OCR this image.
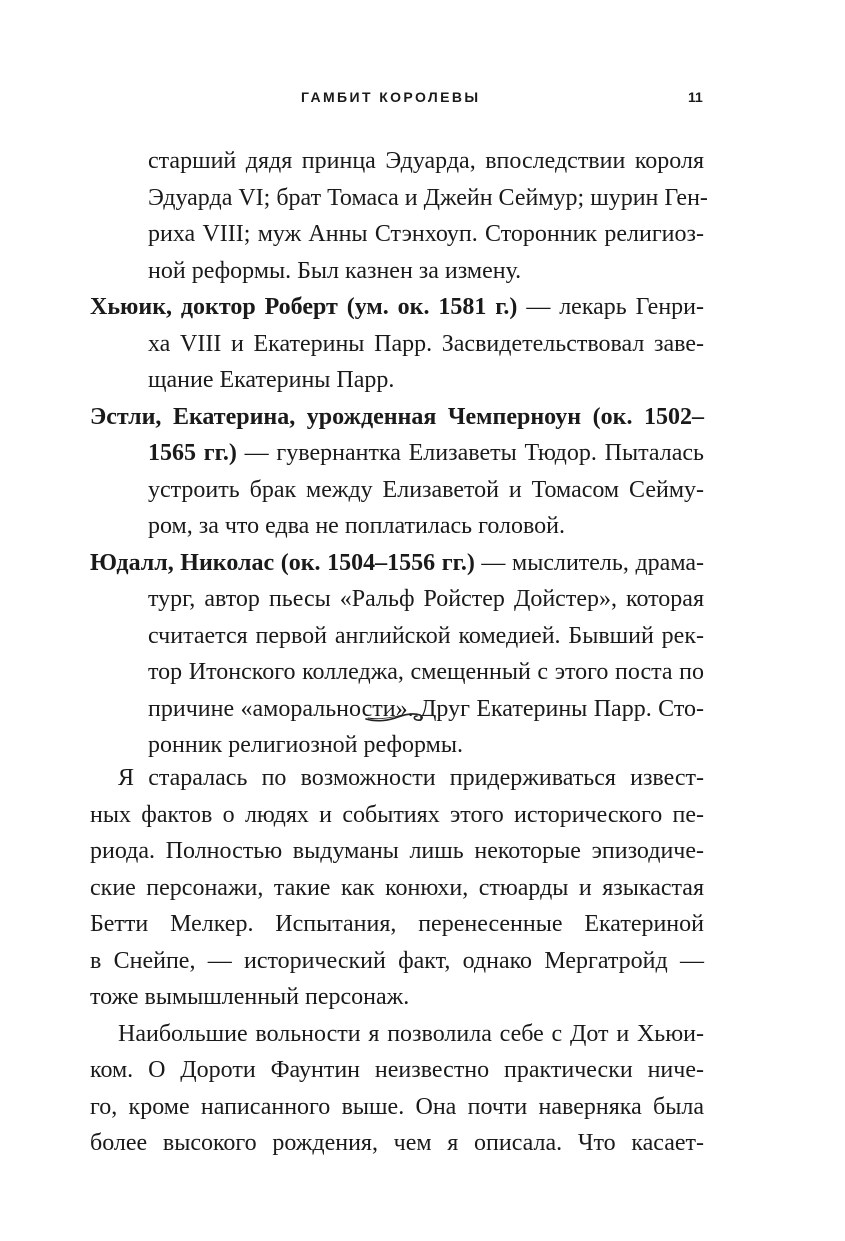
ГАМБИТ КОРОЛЕВЫ	11
старший дядя принца Эдуарда, впоследствии короля
Эдуарда VI; брат Томаса и Джейн Сеймур; шурин Ген-
риха VIII; муж Анны Стэнхоуп. Сторонник религиоз-
ной реформы. Был казнен за измену.
Хьюик, доктор Роберт (ум. ок. 1581 г.) — лекарь Генри-
ха VIII и Екатерины Парр. Засвидетельствовал заве-
щание Екатерины Парр.
Эстли, Екатерина, урожденная Чемперноун (ок. 1502–
1565 гг.) — гувернантка Елизаветы Тюдор. Пыталась
устроить брак между Елизаветой и Томасом Сейму-
ром, за что едва не поплатилась головой.
Юдалл, Николас (ок. 1504–1556 гг.) — мыслитель, драма-
тург, автор пьесы «Ральф Ройстер Дойстер», которая
считается первой английской комедией. Бывший рек-
тор Итонского колледжа, смещенный с этого поста по
причине «аморальности». Друг Екатерины Парр. Сто-
ронник религиозной реформы.
Я старалась по возможности придерживаться извест-
ных фактов о людях и событиях этого исторического пе-
риода. Полностью выдуманы лишь некоторые эпизодиче-
ские персонажи, такие как конюхи, стюарды и языкастая
Бетти Мелкер. Испытания, перенесенные Екатериной
в Снейпе, — исторический факт, однако Мергатройд —
тоже вымышленный персонаж.
Наибольшие вольности я позволила себе с Дот и Хьюи-
ком. О Дороти Фаунтин неизвестно практически ниче-
го, кроме написанного выше. Она почти наверняка была
более высокого рождения, чем я описала. Что касает-
